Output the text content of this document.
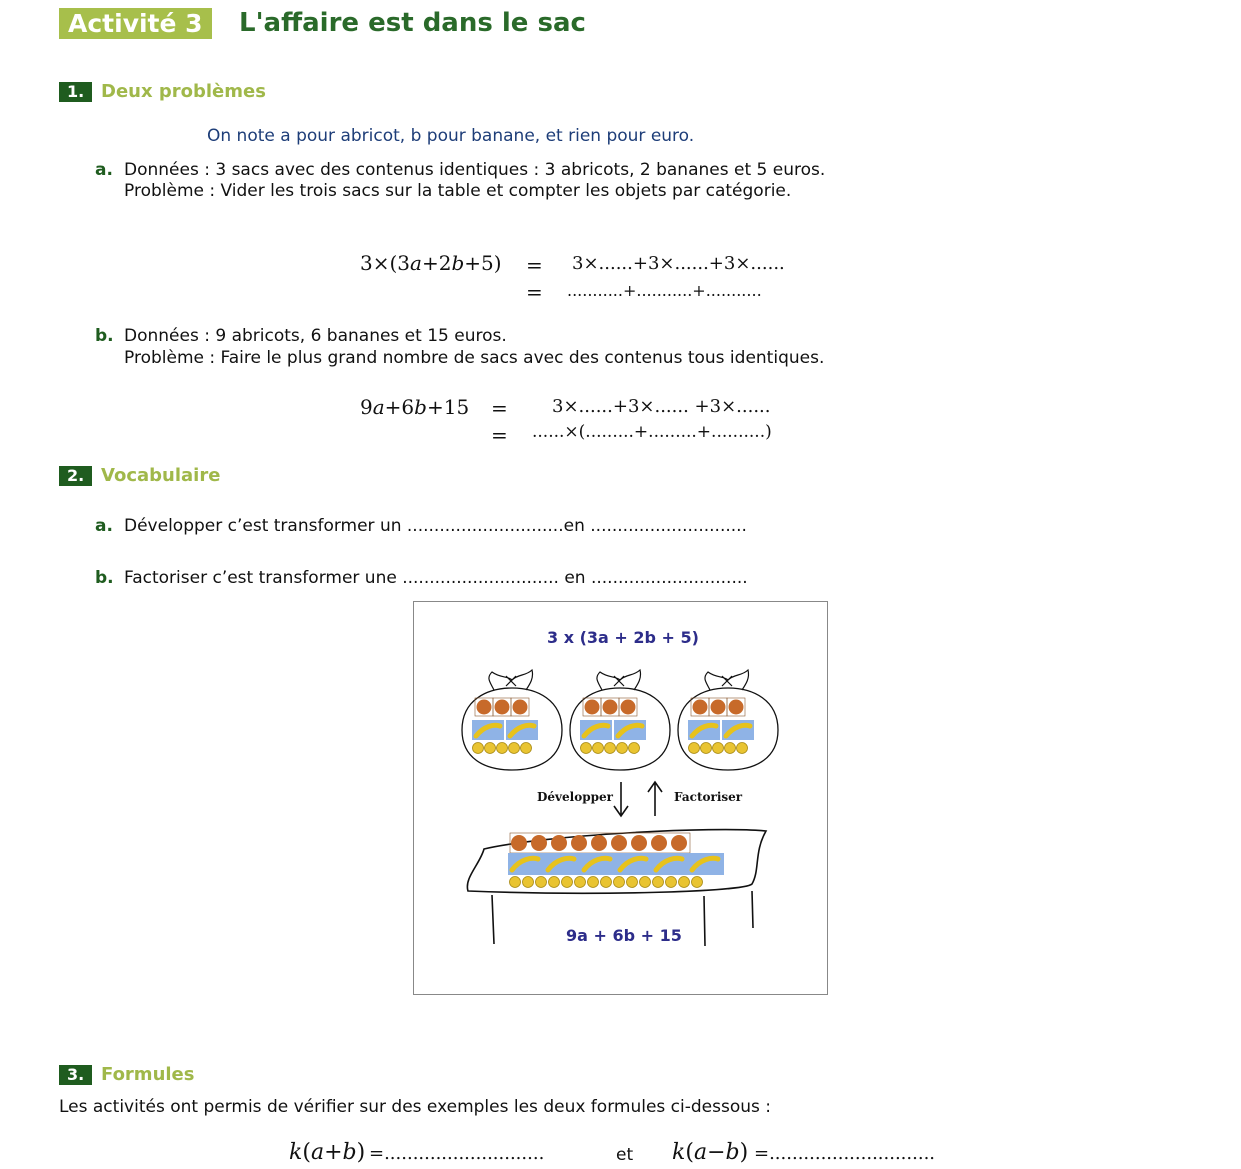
Activité 3	L'affaire est dans le sac
1. Deux problèmes
On note a pour abricot, b pour banane, et rien pour euro.
a. Données : 3 sacs avec des contenus identiques : 3 abricots, 2 bananes et 5 euros.
Problème : Vider les trois sacs sur la table et compter les objets par catégorie.
3×(3a+2b+5) = 3×......+3×......+3×......
= ...........+...........+...........
b. Données : 9 abricots, 6 bananes et 15 euros.
Problème : Faire le plus grand nombre de sacs avec des contenus tous identiques.
9a+6b+15 = 3×......+3×...... +3×......
= ......×(.........+.........+..........)
2. Vocabulaire
a. Développer c’est transformer un .............................en .............................
b. Factoriser c’est transformer une ............................. en .............................
3 x (3a + 2b + 5)
Développer	Factoriser
9a + 6b + 15
3. Formules
Les activités ont permis de vérifier sur des exemples les deux formules ci-dessous :
k(a+b) =............................	et k(a−b) =.............................
